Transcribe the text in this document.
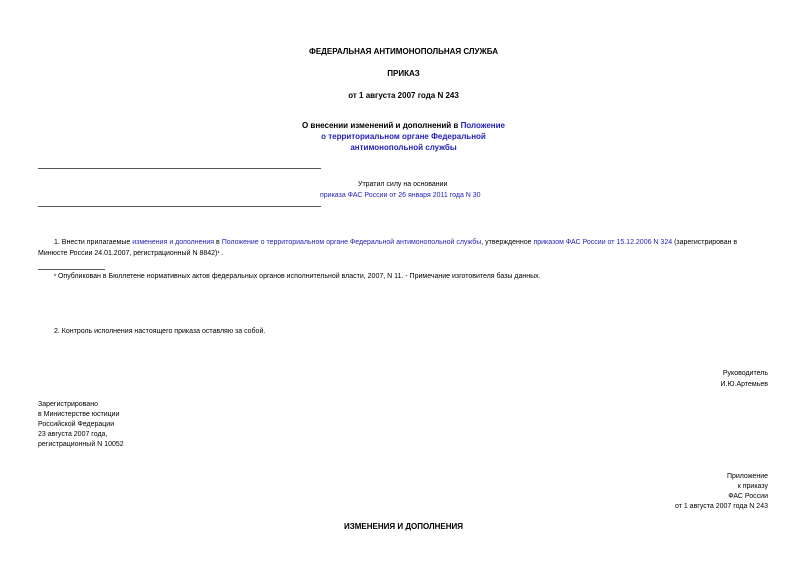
ФЕДЕРАЛЬНАЯ АНТИМОНОПОЛЬНАЯ СЛУЖБА
ПРИКАЗ
от 1 августа 2007 года N 243
О внесении изменений и дополнений в Положение
о территориальном органе Федеральной
антимонопольной службы
Утратил силу на основании
приказа ФАС России от 26 января 2011 года N 30
1. Внести прилагаемые изменения и дополнения в Положение о территориальном органе Федеральной антимонопольной службы, утвержденное приказом ФАС России от 15.12.2006 N 324 (зарегистрирован в
Минюсте России 24.01.2007, регистрационный N 8842)¹ .
¹ Опубликован в Бюллетене нормативных актов федеральных органов исполнительной власти, 2007, N 11. - Примечание изготовителя базы данных.
2. Контроль исполнения настоящего приказа оставляю за собой.
Руководитель
И.Ю.Артемьев
Зарегистрировано
в Министерстве юстиции
Российской Федерации
23 августа 2007 года,
регистрационный N 10052
Приложение
к приказу
ФАС России
от 1 августа 2007 года N 243
ИЗМЕНЕНИЯ И ДОПОЛНЕНИЯ
